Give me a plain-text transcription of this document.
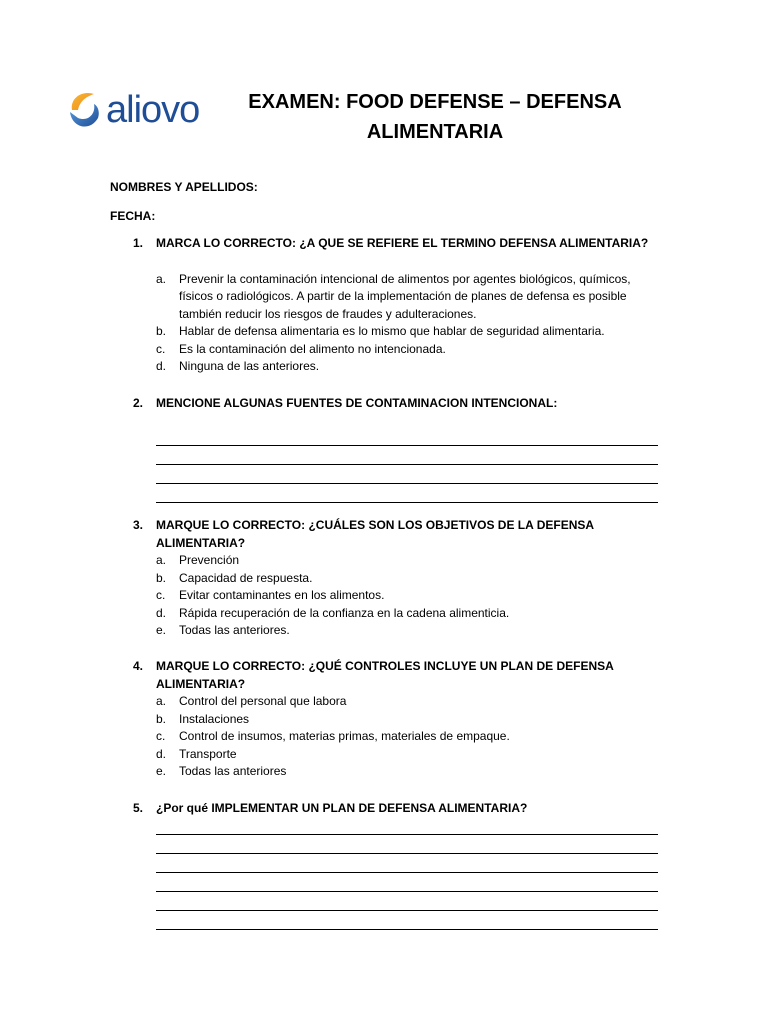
aliovo	EXAMEN: FOOD DEFENSE – DEFENSA
ALIMENTARIA
NOMBRES Y APELLIDOS:
FECHA:
1. MARCA LO CORRECTO: ¿A QUE SE REFIERE EL TERMINO DEFENSA ALIMENTARIA?
a. Prevenir la contaminación intencional de alimentos por agentes biológicos, químicos, físicos o radiológicos. A partir de la implementación de planes de defensa es posible también reducir los riesgos de fraudes y adulteraciones.
b. Hablar de defensa alimentaria es lo mismo que hablar de seguridad alimentaria.
c. Es la contaminación del alimento no intencionada.
d. Ninguna de las anteriores.
2. MENCIONE ALGUNAS FUENTES DE CONTAMINACION INTENCIONAL:
3. MARQUE LO CORRECTO: ¿CUÁLES SON LOS OBJETIVOS DE LA DEFENSA ALIMENTARIA?
a. Prevención
b. Capacidad de respuesta.
c. Evitar contaminantes en los alimentos.
d. Rápida recuperación de la confianza en la cadena alimenticia.
e. Todas las anteriores.
4. MARQUE LO CORRECTO: ¿QUÉ CONTROLES INCLUYE UN PLAN DE DEFENSA ALIMENTARIA?
a. Control del personal que labora
b. Instalaciones
c. Control de insumos, materias primas, materiales de empaque.
d. Transporte
e. Todas las anteriores
5. ¿Por qué IMPLEMENTAR UN PLAN DE DEFENSA ALIMENTARIA?
